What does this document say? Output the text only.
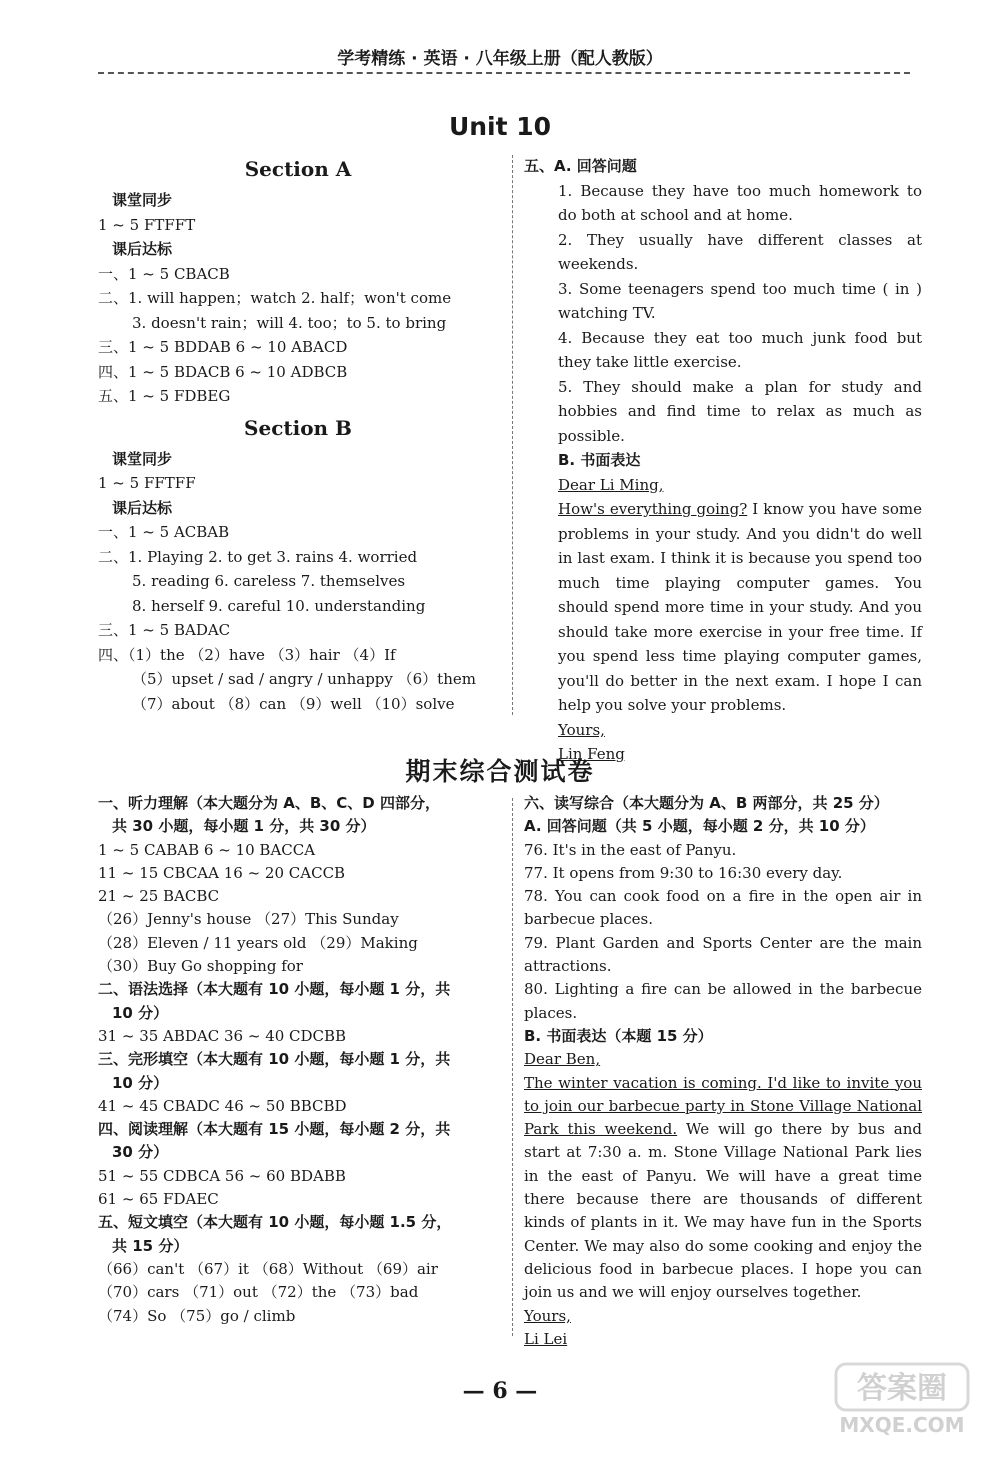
学考精练 · 英语 · 八年级上册（配人教版）
Unit 10
Section A
课堂同步
1 ~ 5 FTFFT
课后达标
一、1 ~ 5 CBACB
二、1. will happen；watch 2. half；won't come
3. doesn't rain；will 4. too；to 5. to bring
三、1 ~ 5 BDDAB 6 ~ 10 ABACD
四、1 ~ 5 BDACB 6 ~ 10 ADBCB
五、1 ~ 5 FDBEG
Section B
课堂同步
1 ~ 5 FFTFF
课后达标
一、1 ~ 5 ACBAB
二、1. Playing 2. to get 3. rains 4. worried
5. reading 6. careless 7. themselves
8. herself 9. careful 10. understanding
三、1 ~ 5 BADAC
四、（1）the （2）have （3）hair （4）If
（5）upset / sad / angry / unhappy （6）them
（7）about （8）can （9）well （10）solve
五、A. 回答问题
1. Because they have too much homework to do both at school and at home.
2. They usually have different classes at weekends.
3. Some teenagers spend too much time ( in ) watching TV.
4. Because they eat too much junk food but they take little exercise.
5. They should make a plan for study and hobbies and find time to relax as much as possible.
B. 书面表达
Dear Li Ming,
How's everything going? I know you have some problems in your study. And you didn't do well in last exam. I think it is because you spend too much time playing computer games. You should spend more time in your study. And you should take more exercise in your free time. If you spend less time playing computer games, you'll do better in the next exam. I hope I can help you solve your problems.
Yours,
Lin Feng
期末综合测试卷
一、听力理解（本大题分为 A、B、C、D 四部分，
共 30 小题，每小题 1 分，共 30 分）
1 ~ 5 CABAB 6 ~ 10 BACCA
11 ~ 15 CBCAA 16 ~ 20 CACCB
21 ~ 25 BACBC
（26）Jenny's house （27）This Sunday
（28）Eleven / 11 years old （29）Making
（30）Buy Go shopping for
二、语法选择（本大题有 10 小题，每小题 1 分，共
10 分）
31 ~ 35 ABDAC 36 ~ 40 CDCBB
三、完形填空（本大题有 10 小题，每小题 1 分，共
10 分）
41 ~ 45 CBADC 46 ~ 50 BBCBD
四、阅读理解（本大题有 15 小题，每小题 2 分，共
30 分）
51 ~ 55 CDBCA 56 ~ 60 BDABB
61 ~ 65 FDAEC
五、短文填空（本大题有 10 小题，每小题 1.5 分，
共 15 分）
（66）can't （67）it （68）Without （69）air
（70）cars （71）out （72）the （73）bad
（74）So （75）go / climb
六、读写综合（本大题分为 A、B 两部分，共 25 分）
A. 回答问题（共 5 小题，每小题 2 分，共 10 分）
76. It's in the east of Panyu.
77. It opens from 9:30 to 16:30 every day.
78. You can cook food on a fire in the open air in barbecue places.
79. Plant Garden and Sports Center are the main attractions.
80. Lighting a fire can be allowed in the barbecue places.
B. 书面表达（本题 15 分）
Dear Ben,
The winter vacation is coming. I'd like to invite you to join our barbecue party in Stone Village National Park this weekend. We will go there by bus and start at 7:30 a. m. Stone Village National Park lies in the east of Panyu. We will have a great time there because there are thousands of different kinds of plants in it. We may have fun in the Sports Center. We may also do some cooking and enjoy the delicious food in barbecue places. I hope you can join us and we will enjoy ourselves together.
Yours,
Li Lei
— 6 —	答案圈
MXQE.COM
